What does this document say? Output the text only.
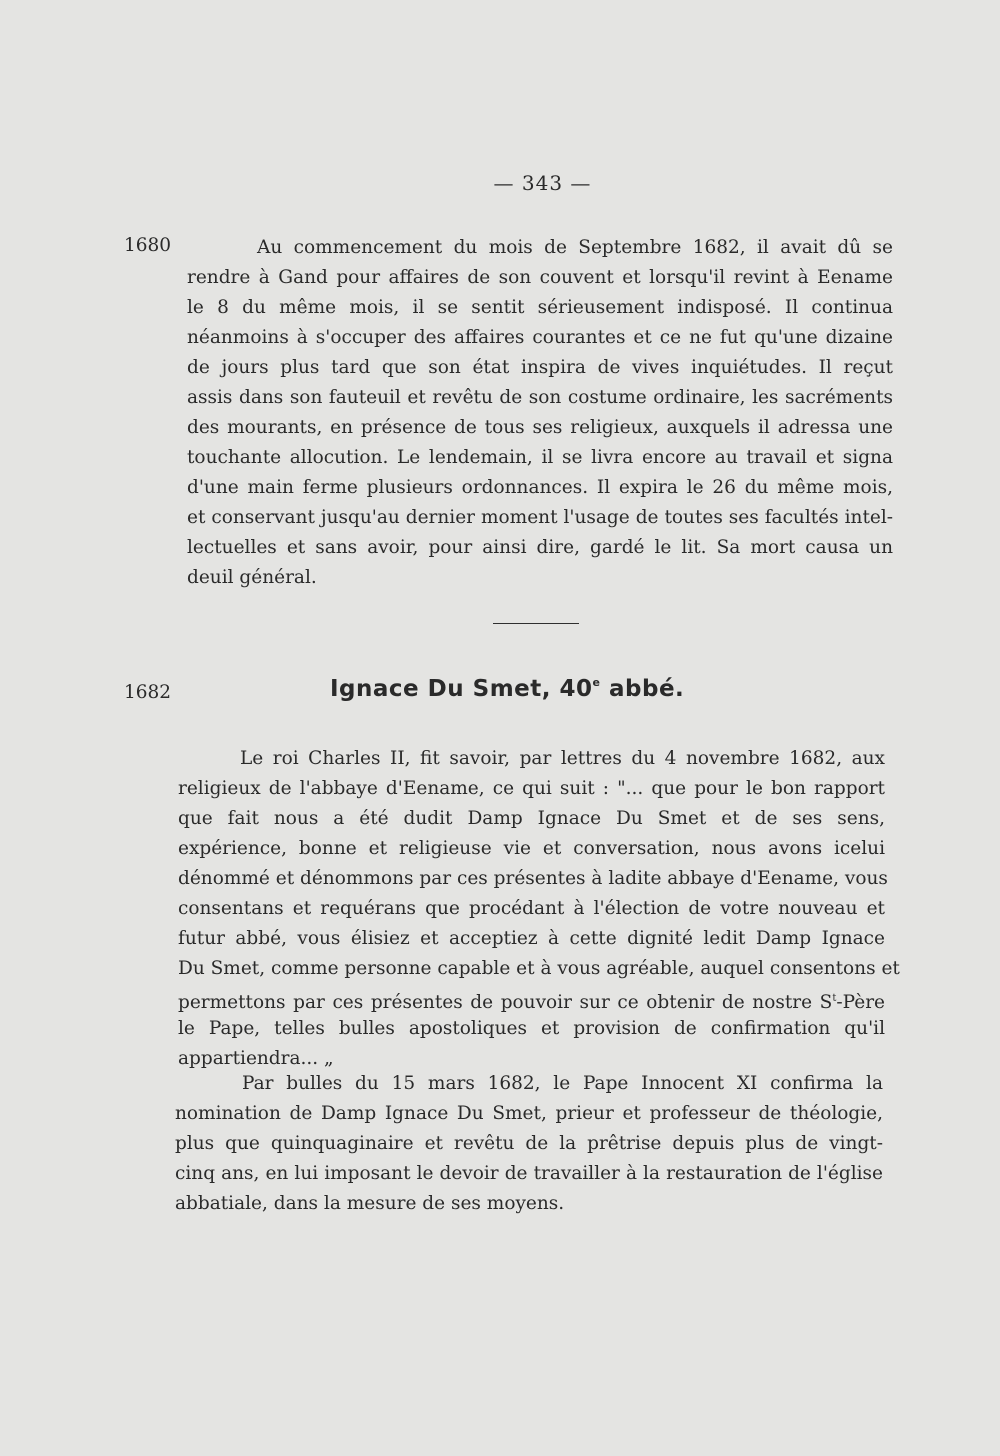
— 343 —
1680	Au commencement du mois de Septembre 1682, il avait dû se
rendre à Gand pour affaires de son couvent et lorsqu'il revint à Eename
le 8 du même mois, il se sentit sérieusement indisposé. Il continua
néanmoins à s'occuper des affaires courantes et ce ne fut qu'une dizaine
de jours plus tard que son état inspira de vives inquiétudes. Il reçut
assis dans son fauteuil et revêtu de son costume ordinaire, les sacréments
des mourants, en présence de tous ses religieux, auxquels il adressa une
touchante allocution. Le lendemain, il se livra encore au travail et signa
d'une main ferme plusieurs ordonnances. Il expira le 26 du même mois,
et conservant jusqu'au dernier moment l'usage de toutes ses facultés intel-
lectuelles et sans avoir, pour ainsi dire, gardé le lit. Sa mort causa un
deuil général.
1682	Ignace Du Smet, 40e abbé.
Le roi Charles II, fit savoir, par lettres du 4 novembre 1682, aux
religieux de l'abbaye d'Eename, ce qui suit : "... que pour le bon rapport
que fait nous a été dudit Damp Ignace Du Smet et de ses sens,
expérience, bonne et religieuse vie et conversation, nous avons icelui
dénommé et dénommons par ces présentes à ladite abbaye d'Eename, vous
consentans et requérans que procédant à l'élection de votre nouveau et
futur abbé, vous élisiez et acceptiez à cette dignité ledit Damp Ignace
Du Smet, comme personne capable et à vous agréable, auquel consentons et
permettons par ces présentes de pouvoir sur ce obtenir de nostre $S^t$-Père
le Pape, telles bulles apostoliques et provision de confirmation qu'il
appartiendra... „
Par bulles du 15 mars 1682, le Pape Innocent XI confirma la
nomination de Damp Ignace Du Smet, prieur et professeur de théologie,
plus que quinquaginaire et revêtu de la prêtrise depuis plus de vingt-
cinq ans, en lui imposant le devoir de travailler à la restauration de l'église
abbatiale, dans la mesure de ses moyens.
